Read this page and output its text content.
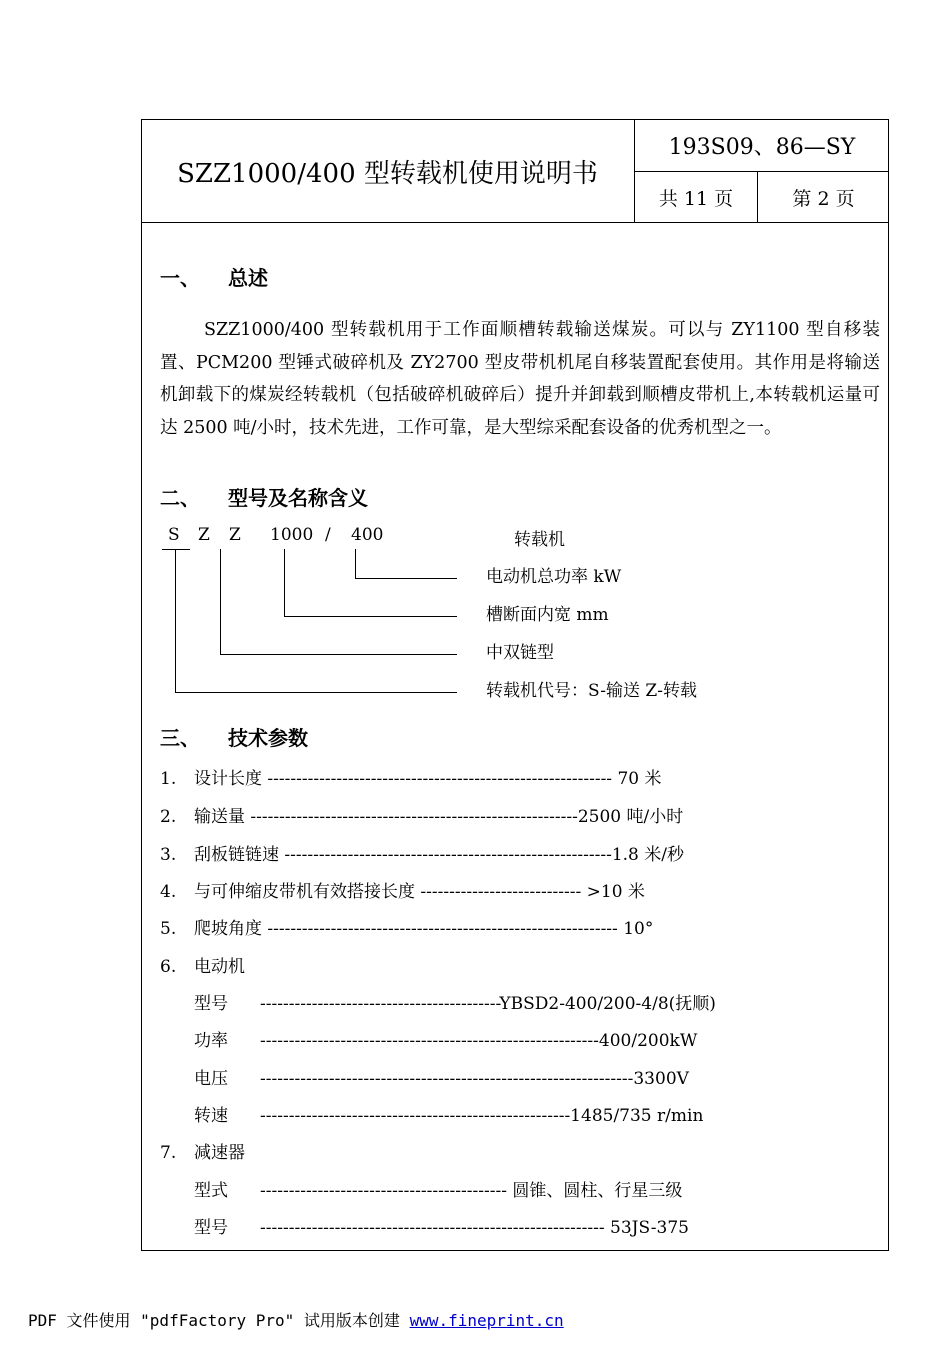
SZZ1000/400 型转载机使用说明书
193S09、86—SY
共 11 页	第 2 页
一、 总述
SZZ1000/400 型转载机用于工作面顺槽转载输送煤炭。可以与 ZY1100 型自移装置、PCM200 型锤式破碎机及 ZY2700 型皮带机机尾自移装置配套使用。其作用是将输送机卸载下的煤炭经转载机（包括破碎机破碎后）提升并卸载到顺槽皮带机上,本转载机运量可达 2500 吨/小时，技术先进，工作可靠，是大型综采配套设备的优秀机型之一。
二、 型号及名称含义
S Z Z 1000 / 400	转载机
电动机总功率 kW
槽断面内宽 mm
中双链型
转载机代号：S-输送 Z-转载
三、 技术参数
1. 设计长度 ------------------------------------------------------------ 70 米
2. 输送量 ---------------------------------------------------------2500 吨/小时
3. 刮板链链速 ---------------------------------------------------------1.8 米/秒
4. 与可伸缩皮带机有效搭接长度 ---------------------------- >10 米
5. 爬坡角度 ------------------------------------------------------------- 10°
6. 电动机
型号 ------------------------------------------YBSD2-400/200-4/8(抚顺)
功率 -----------------------------------------------------------400/200kW
电压 -----------------------------------------------------------------3300V
转速 ------------------------------------------------------1485/735 r/min
7. 减速器
型式 ------------------------------------------- 圆锥、圆柱、行星三级
型号 ------------------------------------------------------------ 53JS-375
PDF 文件使用 "pdfFactory Pro" 试用版本创建 www.fineprint.cn
